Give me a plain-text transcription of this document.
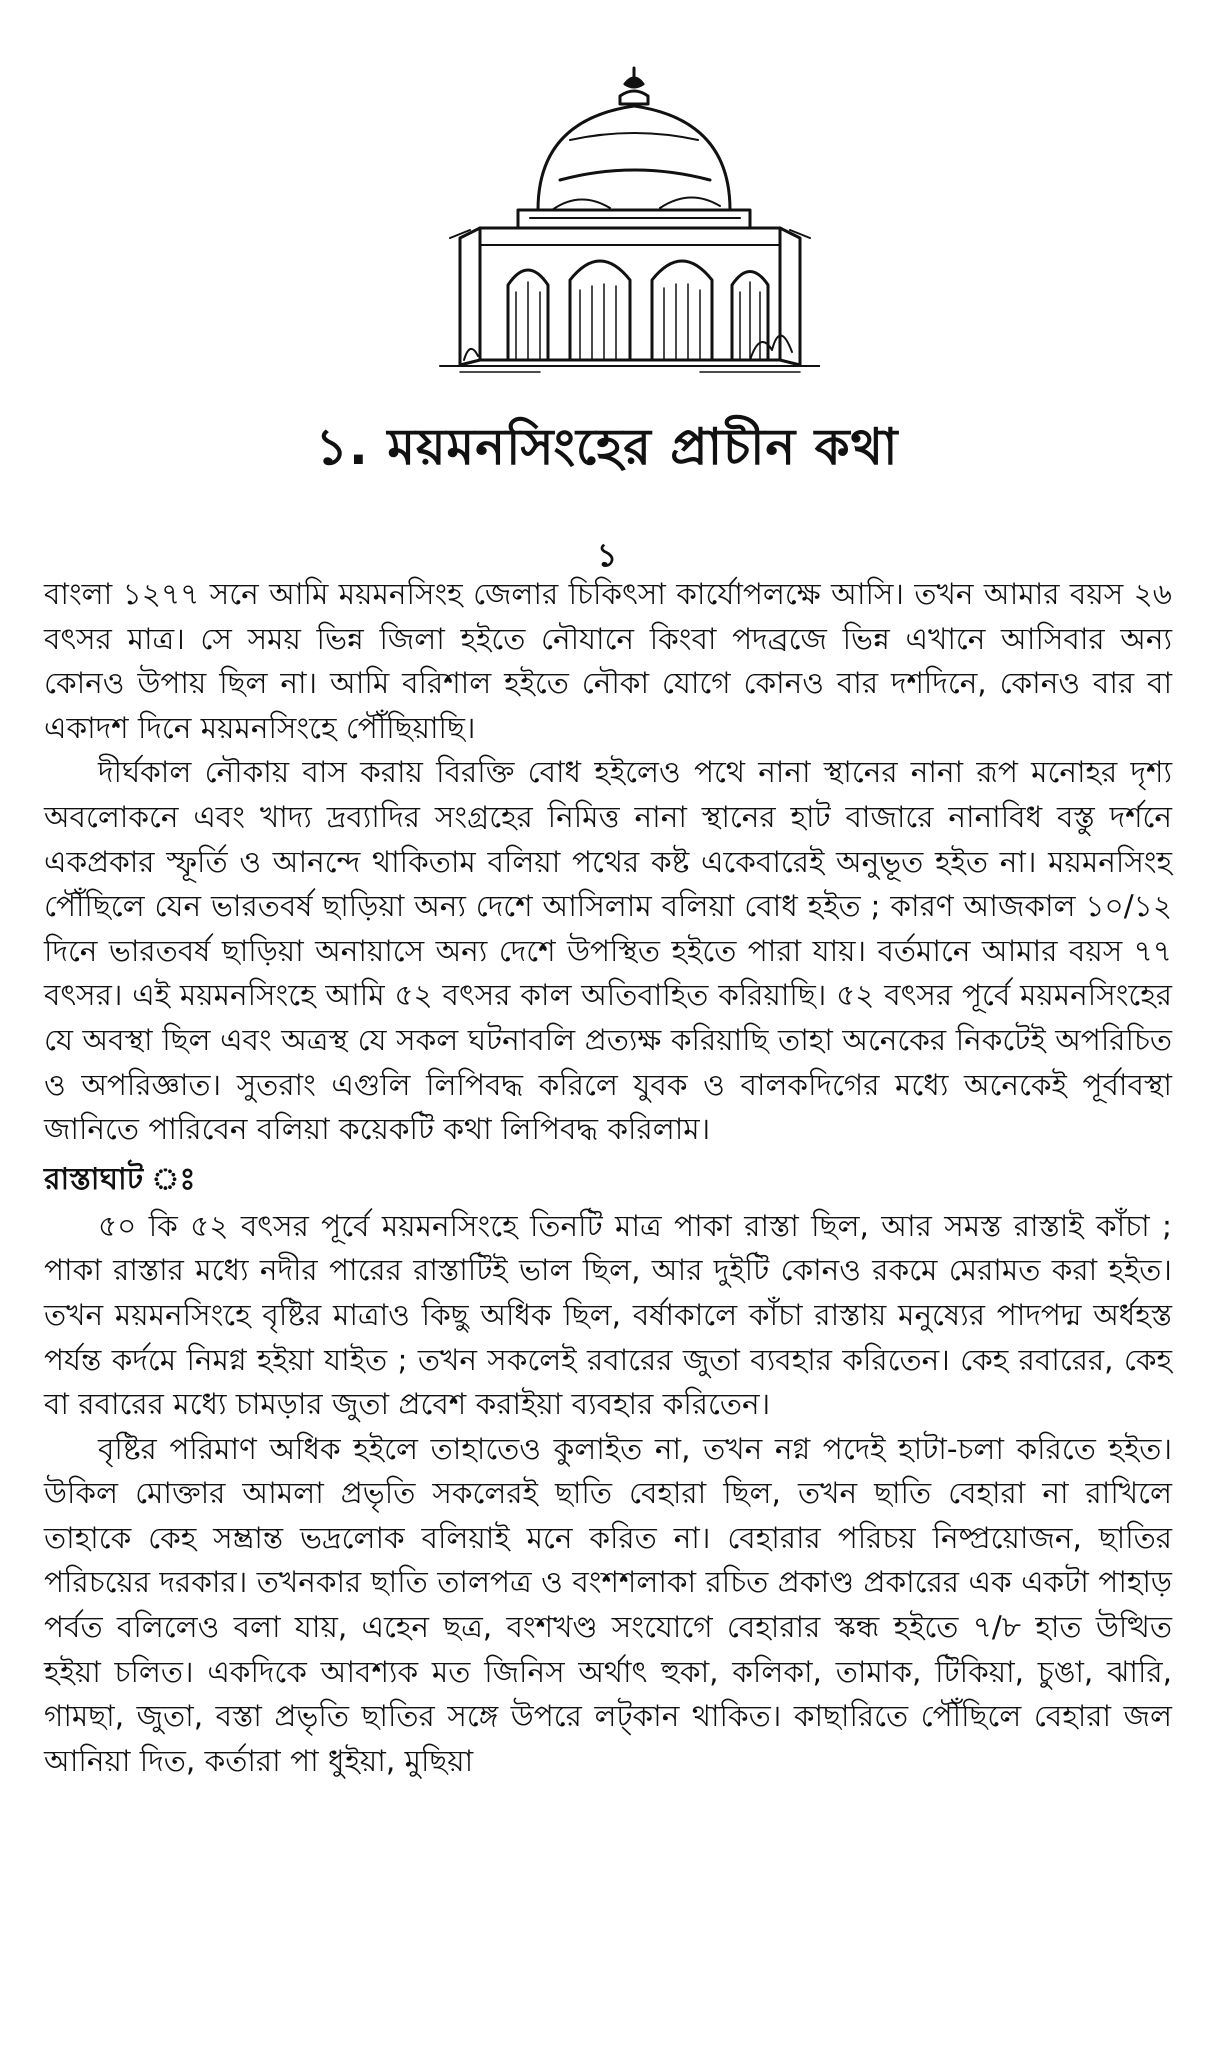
১. ময়মনসিংহের প্রাচীন কথা
১

বাংলা ১২৭৭ সনে আমি ময়মনসিংহ জেলার চিকিৎসা কার্যোপলক্ষে আসি। তখন আমার বয়স ২৬ বৎসর মাত্র। সে সময় ভিন্ন জিলা হইতে নৌযানে কিংবা পদব্রজে ভিন্ন এখানে আসিবার অন্য কোনও উপায় ছিল না। আমি বরিশাল হইতে নৌকা যোগে কোনও বার দশদিনে, কোনও বার বা একাদশ দিনে ময়মনসিংহে পৌঁছিয়াছি।

দীর্ঘকাল নৌকায় বাস করায় বিরক্তি বোধ হইলেও পথে নানা স্থানের নানা রূপ মনোহর দৃশ্য অবলোকনে এবং খাদ্য দ্রব্যাদির সংগ্রহের নিমিত্ত নানা স্থানের হাট বাজারে নানাবিধ বস্তু দর্শনে একপ্রকার স্ফূর্তি ও আনন্দে থাকিতাম বলিয়া পথের কষ্ট একেবারেই অনুভূত হইত না। ময়মনসিংহ পৌঁছিলে যেন ভারতবর্ষ ছাড়িয়া অন্য দেশে আসিলাম বলিয়া বোধ হইত ; কারণ আজকাল ১০/১২ দিনে ভারতবর্ষ ছাড়িয়া অনায়াসে অন্য দেশে উপস্থিত হইতে পারা যায়। বর্তমানে আমার বয়স ৭৭ বৎসর। এই ময়মনসিংহে আমি ৫২ বৎসর কাল অতিবাহিত করিয়াছি। ৫২ বৎসর পূর্বে ময়মনসিংহের যে অবস্থা ছিল এবং অত্রস্থ যে সকল ঘটনাবলি প্রত্যক্ষ করিয়াছি তাহা অনেকের নিকটেই অপরিচিত ও অপরিজ্ঞাত। সুতরাং এগুলি লিপিবদ্ধ করিলে যুবক ও বালকদিগের মধ্যে অনেকেই পূর্বাবস্থা জানিতে পারিবেন বলিয়া কয়েকটি কথা লিপিবদ্ধ করিলাম।

রাস্তাঘাট ঃ

৫০ কি ৫২ বৎসর পূর্বে ময়মনসিংহে তিনটি মাত্র পাকা রাস্তা ছিল, আর সমস্ত রাস্তাই কাঁচা ; পাকা রাস্তার মধ্যে নদীর পারের রাস্তাটিই ভাল ছিল, আর দুইটি কোনও রকমে মেরামত করা হইত। তখন ময়মনসিংহে বৃষ্টির মাত্রাও কিছু অধিক ছিল, বর্ষাকালে কাঁচা রাস্তায় মনুষ্যের পাদপদ্ম অর্ধহস্ত পর্যন্ত কর্দমে নিমগ্ন হইয়া যাইত ; তখন সকলেই রবারের জুতা ব্যবহার করিতেন। কেহ রবারের, কেহ বা রবারের মধ্যে চামড়ার জুতা প্রবেশ করাইয়া ব্যবহার করিতেন।

বৃষ্টির পরিমাণ অধিক হইলে তাহাতেও কুলাইত না, তখন নগ্ন পদেই হাটা-চলা করিতে হইত। উকিল মোক্তার আমলা প্রভৃতি সকলেরই ছাতি বেহারা ছিল, তখন ছাতি বেহারা না রাখিলে তাহাকে কেহ সম্ভ্রান্ত ভদ্রলোক বলিয়াই মনে করিত না। বেহারার পরিচয় নিষ্প্রয়োজন, ছাতির পরিচয়ের দরকার। তখনকার ছাতি তালপত্র ও বংশশলাকা রচিত প্রকাণ্ড প্রকারের এক একটা পাহাড় পর্বত বলিলেও বলা যায়, এহেন ছত্র, বংশখণ্ড সংযোগে বেহারার স্কন্ধ হইতে ৭/৮ হাত উত্থিত হইয়া চলিত। একদিকে আবশ্যক মত জিনিস অর্থাৎ হুকা, কলিকা, তামাক, টিকিয়া, চুঙা, ঝারি, গামছা, জুতা, বস্তা প্রভৃতি ছাতির সঙ্গে উপরে লট্‌কান থাকিত। কাছারিতে পৌঁছিলে বেহারা জল আনিয়া দিত, কর্তারা পা ধুইয়া, মুছিয়া
